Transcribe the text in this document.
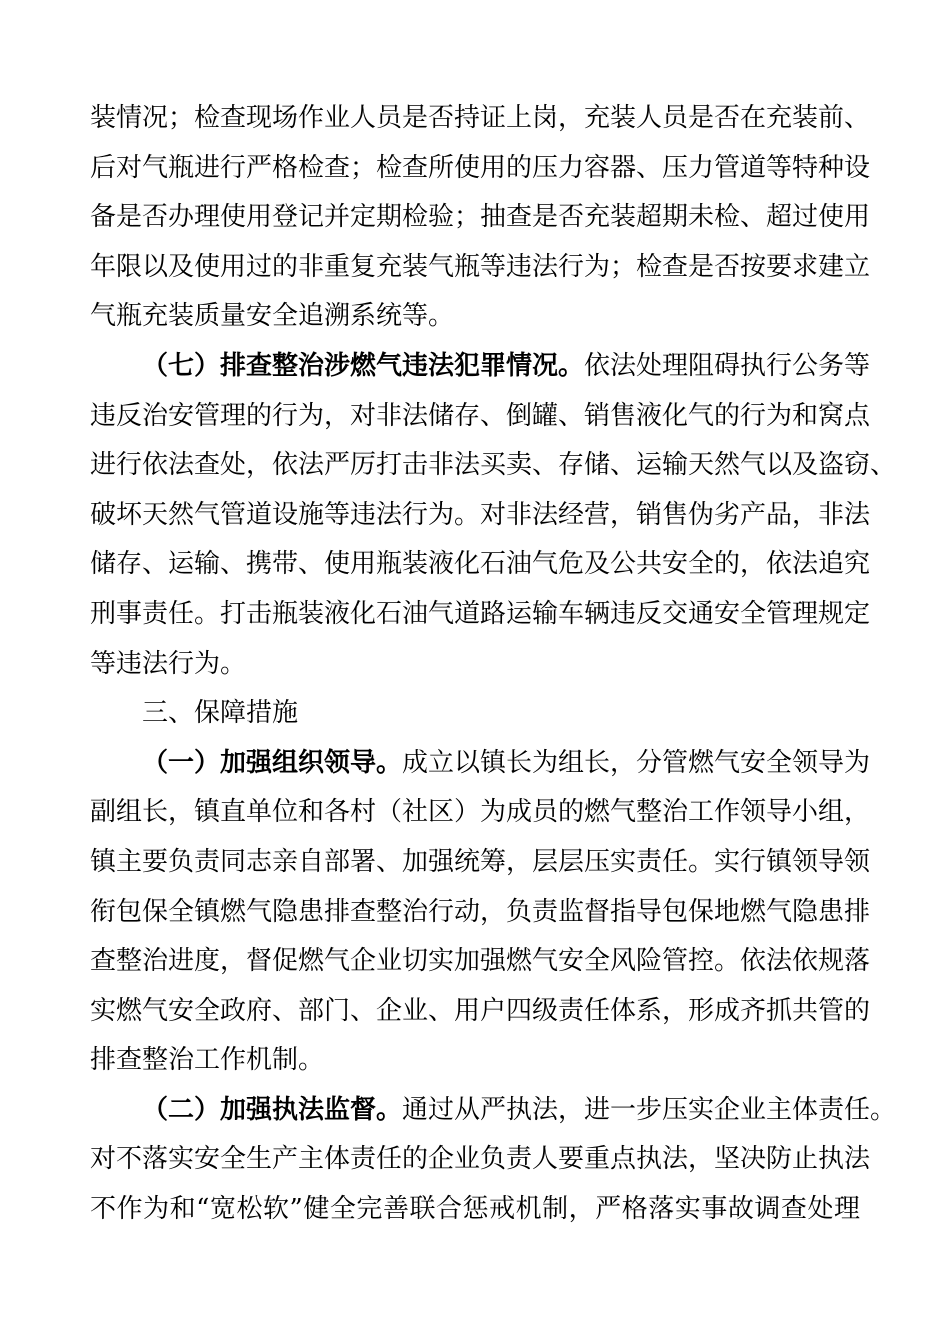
装情况；检查现场作业人员是否持证上岗，充装人员是否在充装前、
后对气瓶进行严格检查；检查所使用的压力容器、压力管道等特种设
备是否办理使用登记并定期检验；抽查是否充装超期未检、超过使用
年限以及使用过的非重复充装气瓶等违法行为；检查是否按要求建立
气瓶充装质量安全追溯系统等。
（七）排查整治涉燃气违法犯罪情况。依法处理阻碍执行公务等
违反治安管理的行为，对非法储存、倒罐、销售液化气的行为和窝点
进行依法查处，依法严厉打击非法买卖、存储、运输天然气以及盗窃、
破坏天然气管道设施等违法行为。对非法经营，销售伪劣产品，非法
储存、运输、携带、使用瓶装液化石油气危及公共安全的，依法追究
刑事责任。打击瓶装液化石油气道路运输车辆违反交通安全管理规定
等违法行为。
三、保障措施
（一）加强组织领导。成立以镇长为组长，分管燃气安全领导为
副组长，镇直单位和各村（社区）为成员的燃气整治工作领导小组，
镇主要负责同志亲自部署、加强统筹，层层压实责任。实行镇领导领
衔包保全镇燃气隐患排查整治行动，负责监督指导包保地燃气隐患排
查整治进度，督促燃气企业切实加强燃气安全风险管控。依法依规落
实燃气安全政府、部门、企业、用户四级责任体系，形成齐抓共管的
排查整治工作机制。
（二）加强执法监督。通过从严执法，进一步压实企业主体责任。
对不落实安全生产主体责任的企业负责人要重点执法，坚决防止执法
不作为和“宽松软”健全完善联合惩戒机制，严格落实事故调查处理
